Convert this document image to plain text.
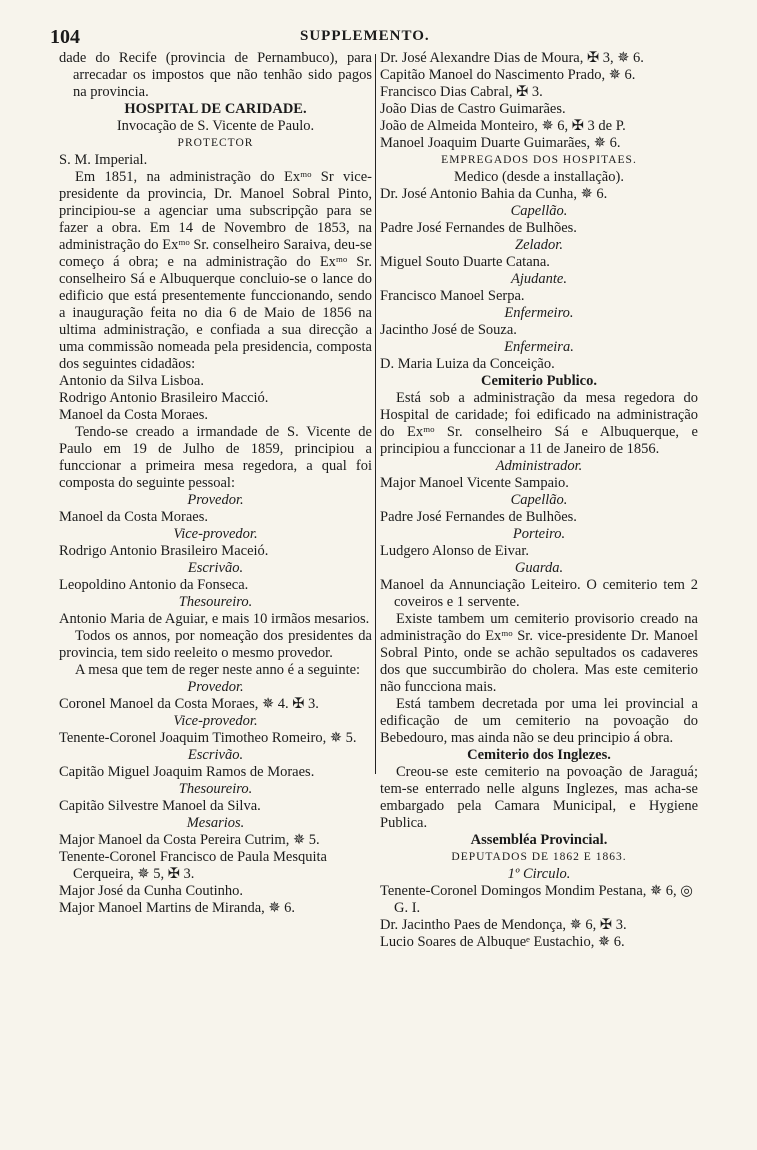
104	SUPPLEMENTO.
dade do Recife (provincia de Pernambuco), para arrecadar os impostos que não tenhão sido pagos na provincia.
HOSPITAL DE CARIDADE.
Invocação de S. Vicente de Paulo.
PROTECTOR
S. M. Imperial.
Em 1851, na administração do Exᵐᵒ Sr vice-presidente da provincia, Dr. Manoel Sobral Pinto, principiou-se a agenciar uma subscripção para se fazer a obra. Em 14 de Novembro de 1853, na administração do Exᵐᵒ Sr. conselheiro Saraiva, deu-se começo á obra; e na administração do Exᵐᵒ Sr. conselheiro Sá e Albuquerque concluio-se o lance do edificio que está presentemente funccionando, sendo a inauguração feita no dia 6 de Maio de 1856 na ultima administração, e confiada a sua direcção a uma commissão nomeada pela presidencia, composta dos seguintes cidadãos:
Antonio da Silva Lisboa.
Rodrigo Antonio Brasileiro Macció.
Manoel da Costa Moraes.
Tendo-se creado a irmandade de S. Vicente de Paulo em 19 de Julho de 1859, principiou a funccionar a primeira mesa regedora, a qual foi composta do seguinte pessoal:
Provedor.
Manoel da Costa Moraes.
Vice-provedor.
Rodrigo Antonio Brasileiro Maceió.
Escrivão.
Leopoldino Antonio da Fonseca.
Thesoureiro.
Antonio Maria de Aguiar, e mais 10 irmãos mesarios.
Todos os annos, por nomeação dos presidentes da provincia, tem sido reeleito o mesmo provedor.
A mesa que tem de reger neste anno é a seguinte:
Provedor.
Coronel Manoel da Costa Moraes, ✵ 4. ✠ 3.
Vice-provedor.
Tenente-Coronel Joaquim Timotheo Romeiro, ✵ 5.
Escrivão.
Capitão Miguel Joaquim Ramos de Moraes.
Thesoureiro.
Capitão Silvestre Manoel da Silva.
Mesarios.
Major Manoel da Costa Pereira Cutrim, ✵ 5.
Tenente-Coronel Francisco de Paula Mesquita Cerqueira, ✵ 5, ✠ 3.
Major José da Cunha Coutinho.
Major Manoel Martins de Miranda, ✵ 6.
Dr. José Alexandre Dias de Moura, ✠ 3, ✵ 6.
Capitão Manoel do Nascimento Prado, ✵ 6.
Francisco Dias Cabral, ✠ 3.
João Dias de Castro Guimarães.
João de Almeida Monteiro, ✵ 6, ✠ 3 de P.
Manoel Joaquim Duarte Guimarães, ✵ 6.
EMPREGADOS DOS HOSPITAES.
Medico (desde a installação).
Dr. José Antonio Bahia da Cunha, ✵ 6.
Capellão.
Padre José Fernandes de Bulhões.
Zelador.
Miguel Souto Duarte Catana.
Ajudante.
Francisco Manoel Serpa.
Enfermeiro.
Jacintho José de Souza.
Enfermeira.
D. Maria Luiza da Conceição.
Cemiterio Publico.
Está sob a administração da mesa regedora do Hospital de caridade; foi edificado na administração do Exᵐᵒ Sr. conselheiro Sá e Albuquerque, e principiou a funccionar a 11 de Janeiro de 1856.
Administrador.
Major Manoel Vicente Sampaio.
Capellão.
Padre José Fernandes de Bulhões.
Porteiro.
Ludgero Alonso de Eivar.
Guarda.
Manoel da Annunciação Leiteiro. O cemiterio tem 2 coveiros e 1 servente.
Existe tambem um cemiterio provisorio creado na administração do Exᵐᵒ Sr. vice-presidente Dr. Manoel Sobral Pinto, onde se achão sepultados os cadaveres dos que succumbirão do cholera. Mas este cemiterio não funcciona mais.
Está tambem decretada por uma lei provincial a edificação de um cemiterio na povoação do Bebedouro, mas ainda não se deu principio á obra.
Cemiterio dos Inglezes.
Creou-se este cemiterio na povoação de Jaraguá; tem-se enterrado nelle alguns Inglezes, mas acha-se embargado pela Camara Municipal, e Hygiene Publica.
Assembléa Provincial.
DEPUTADOS DE 1862 E 1863.
1º Circulo.
Tenente-Coronel Domingos Mondim Pestana, ✵ 6, ◎ G. I.
Dr. Jacintho Paes de Mendonça, ✵ 6, ✠ 3.
Lucio Soares de Albuqueᵉ Eustachio, ✵ 6.
